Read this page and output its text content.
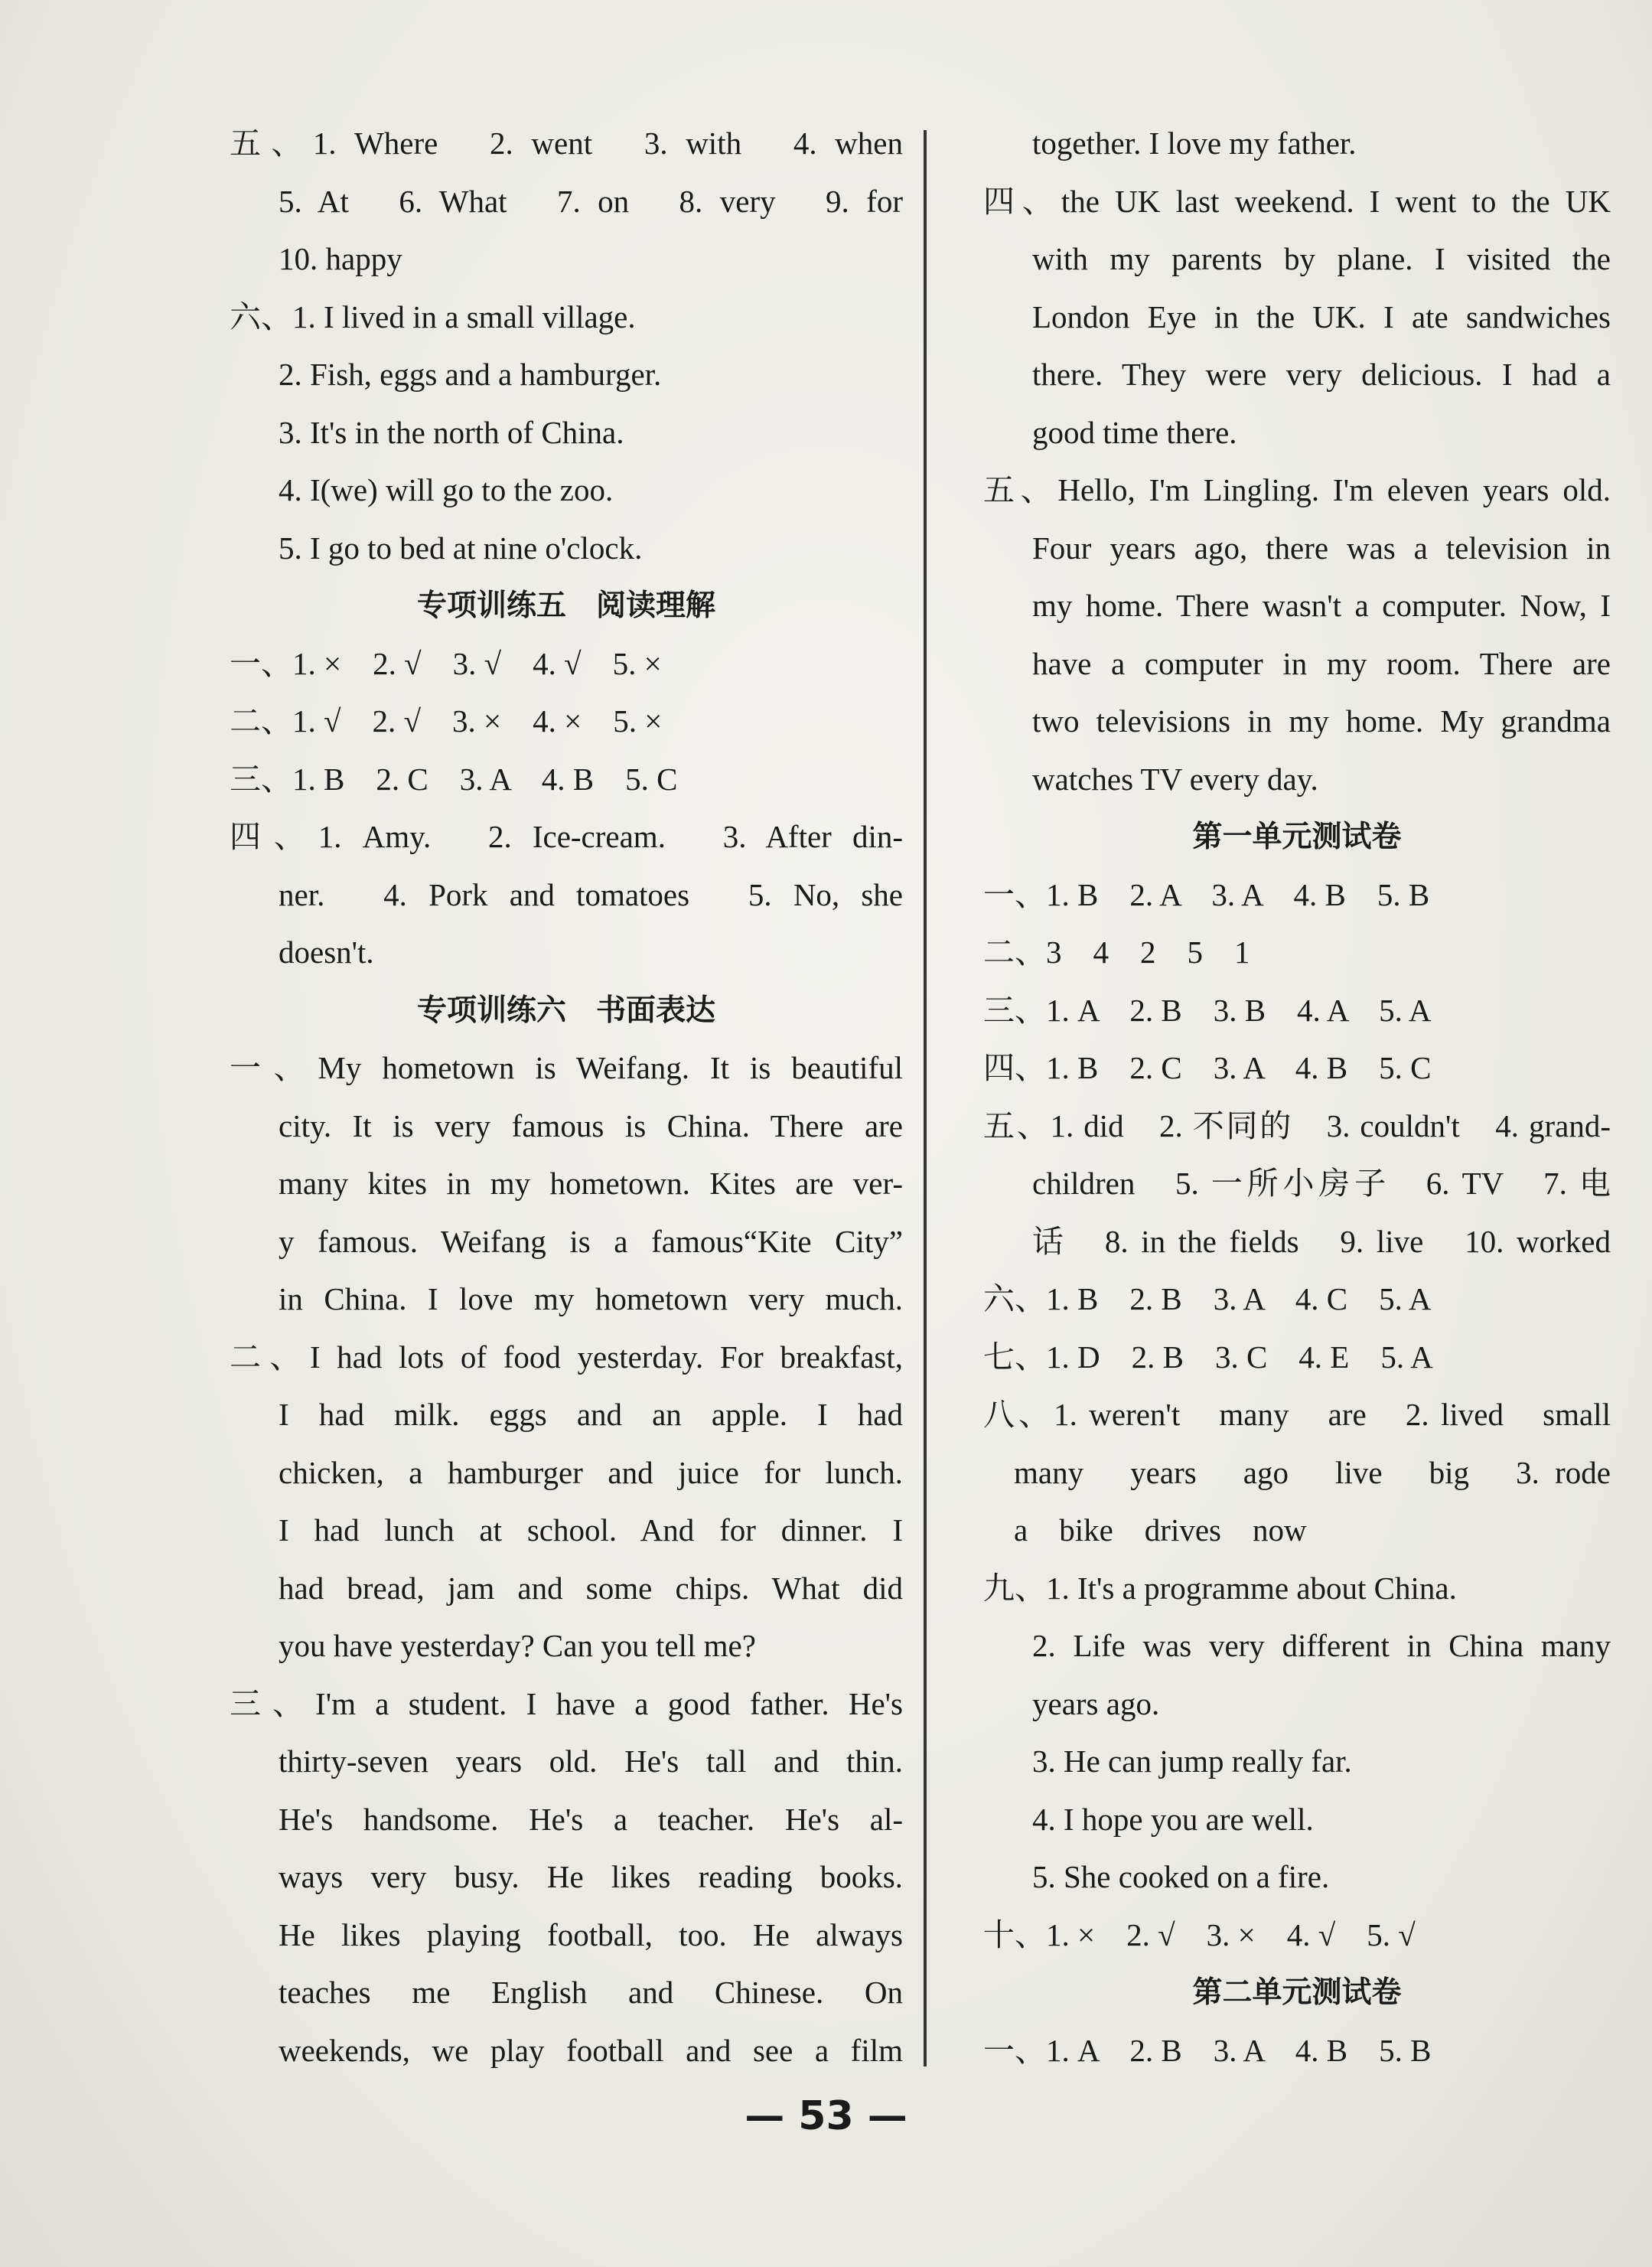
五、1. Where　2. went　3. with　4. when
5. At　6. What　7. on　8. very　9. for
10. happy
六、1. I lived in a small village.
2. Fish, eggs and a hamburger.
3. It's in the north of China.
4. I(we) will go to the zoo.
5. I go to bed at nine o'clock.
专项训练五　阅读理解
一、1. ×　2. √　3. √　4. √　5. ×
二、1. √　2. √　3. ×　4. ×　5. ×
三、1. B　2. C　3. A　4. B　5. C
四、1. Amy.　2. Ice-cream.　3. After din-
ner.　4. Pork and tomatoes　5. No, she
doesn't.
专项训练六　书面表达
一、My hometown is Weifang. It is beautiful
city. It is very famous is China. There are
many kites in my hometown. Kites are ver-
y famous. Weifang is a famous“Kite City”
in China. I love my hometown very much.
二、I had lots of food yesterday. For breakfast,
I had milk. eggs and an apple. I had
chicken, a hamburger and juice for lunch.
I had lunch at school. And for dinner. I
had bread, jam and some chips. What did
you have yesterday? Can you tell me?
三、I'm a student. I have a good father. He's
thirty-seven years old. He's tall and thin.
He's handsome. He's a teacher. He's al-
ways very busy. He likes reading books.
He likes playing football, too. He always
teaches me English and Chinese. On
weekends, we play football and see a film
together. I love my father.
四、the UK last weekend. I went to the UK
with my parents by plane. I visited the
London Eye in the UK. I ate sandwiches
there. They were very delicious. I had a
good time there.
五、Hello, I'm Lingling. I'm eleven years old.
Four years ago, there was a television in
my home. There wasn't a computer. Now, I
have a computer in my room. There are
two televisions in my home. My grandma
watches TV every day.
第一单元测试卷
一、1. B　2. A　3. A　4. B　5. B
二、3　4　2　5　1
三、1. A　2. B　3. B　4. A　5. A
四、1. B　2. C　3. A　4. B　5. C
五、1. did　2. 不同的　3. couldn't　4. grand-
children　5. 一所小房子　6. TV　7. 电
话　8. in the fields　9. live　10. worked
六、1. B　2. B　3. A　4. C　5. A
七、1. D　2. B　3. C　4. E　5. A
八、1. weren't　many　are　2. lived　small
many　years　ago　live　big　3. rode
a　bike　drives　now
九、1. It's a programme about China.
2. Life was very different in China many
years ago.
3. He can jump really far.
4. I hope you are well.
5. She cooked on a fire.
十、1. ×　2. √　3. ×　4. √　5. √
第二单元测试卷
一、1. A　2. B　3. A　4. B　5. B
— 53 —
